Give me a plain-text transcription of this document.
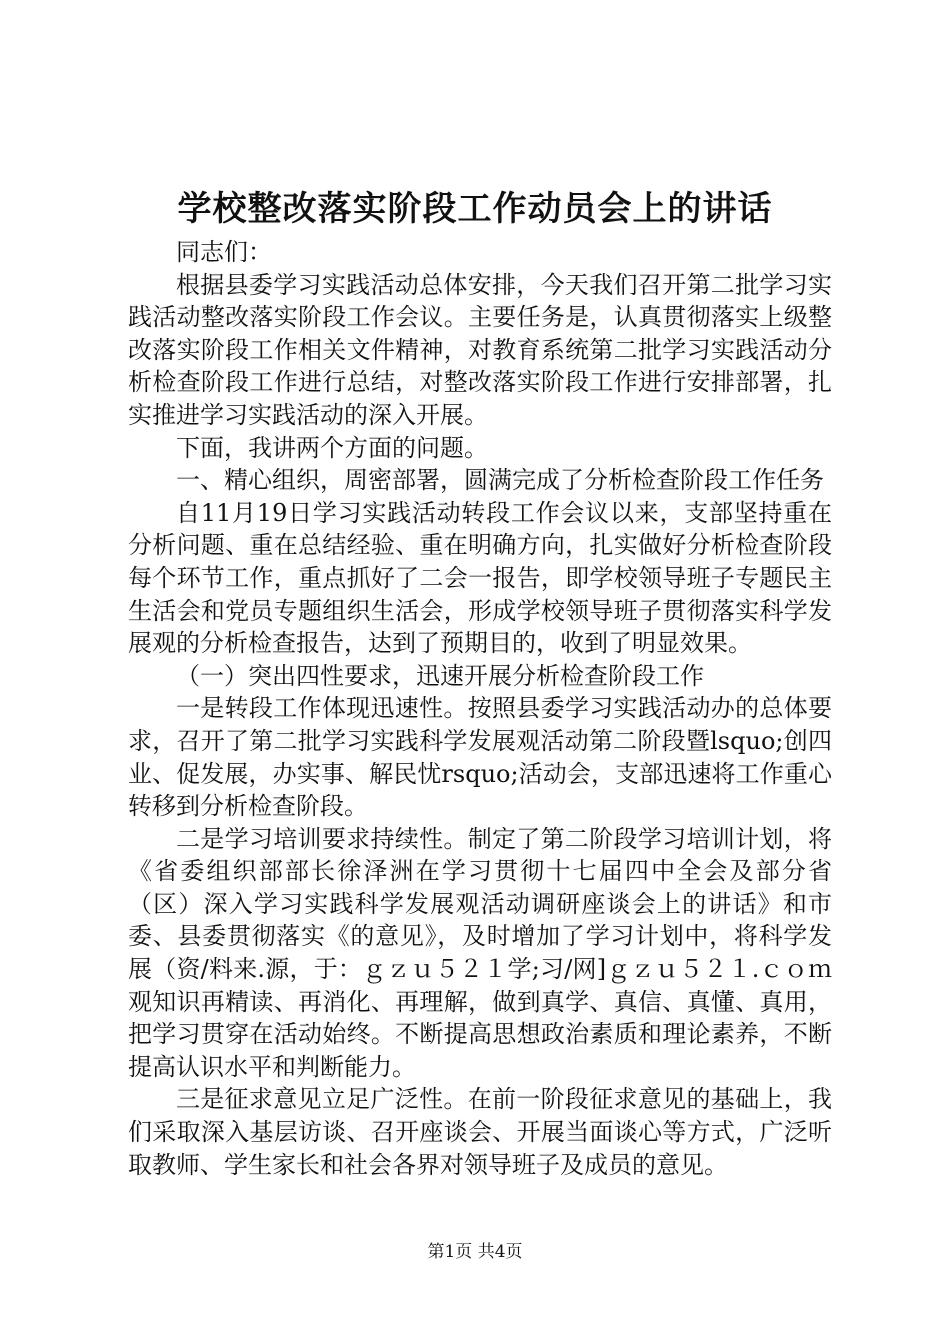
学校整改落实阶段工作动员会上的讲话

同志们：

根据县委学习实践活动总体安排，今天我们召开第二批学习实践活动整改落实阶段工作会议。主要任务是，认真贯彻落实上级整改落实阶段工作相关文件精神，对教育系统第二批学习实践活动分析检查阶段工作进行总结，对整改落实阶段工作进行安排部署，扎实推进学习实践活动的深入开展。

下面，我讲两个方面的问题。

一、精心组织，周密部署，圆满完成了分析检查阶段工作任务

自11月19日学习实践活动转段工作会议以来，支部坚持重在分析问题、重在总结经验、重在明确方向，扎实做好分析检查阶段每个环节工作，重点抓好了二会一报告，即学校领导班子专题民主生活会和党员专题组织生活会，形成学校领导班子贯彻落实科学发展观的分析检查报告，达到了预期目的，收到了明显效果。

（一）突出四性要求，迅速开展分析检查阶段工作

一是转段工作体现迅速性。按照县委学习实践活动办的总体要求，召开了第二批学习实践科学发展观活动第二阶段暨lsquo;创四业、促发展，办实事、解民忧rsquo;活动会，支部迅速将工作重心转移到分析检查阶段。

二是学习培训要求持续性。制定了第二阶段学习培训计划，将《省委组织部部长徐泽洲在学习贯彻十七届四中全会及部分省（区）深入学习实践科学发展观活动调研座谈会上的讲话》和市委、县委贯彻落实《的意见》，及时增加了学习计划中，将科学发展（资/料来.源，于：ｇｚｕ５２１学;习/网]ｇｚｕ５２１.ｃｏｍ观知识再精读、再消化、再理解，做到真学、真信、真懂、真用，把学习贯穿在活动始终。不断提高思想政治素质和理论素养，不断提高认识水平和判断能力。

三是征求意见立足广泛性。在前一阶段征求意见的基础上，我们采取深入基层访谈、召开座谈会、开展当面谈心等方式，广泛听取教师、学生家长和社会各界对领导班子及成员的意见。

第1页 共4页
